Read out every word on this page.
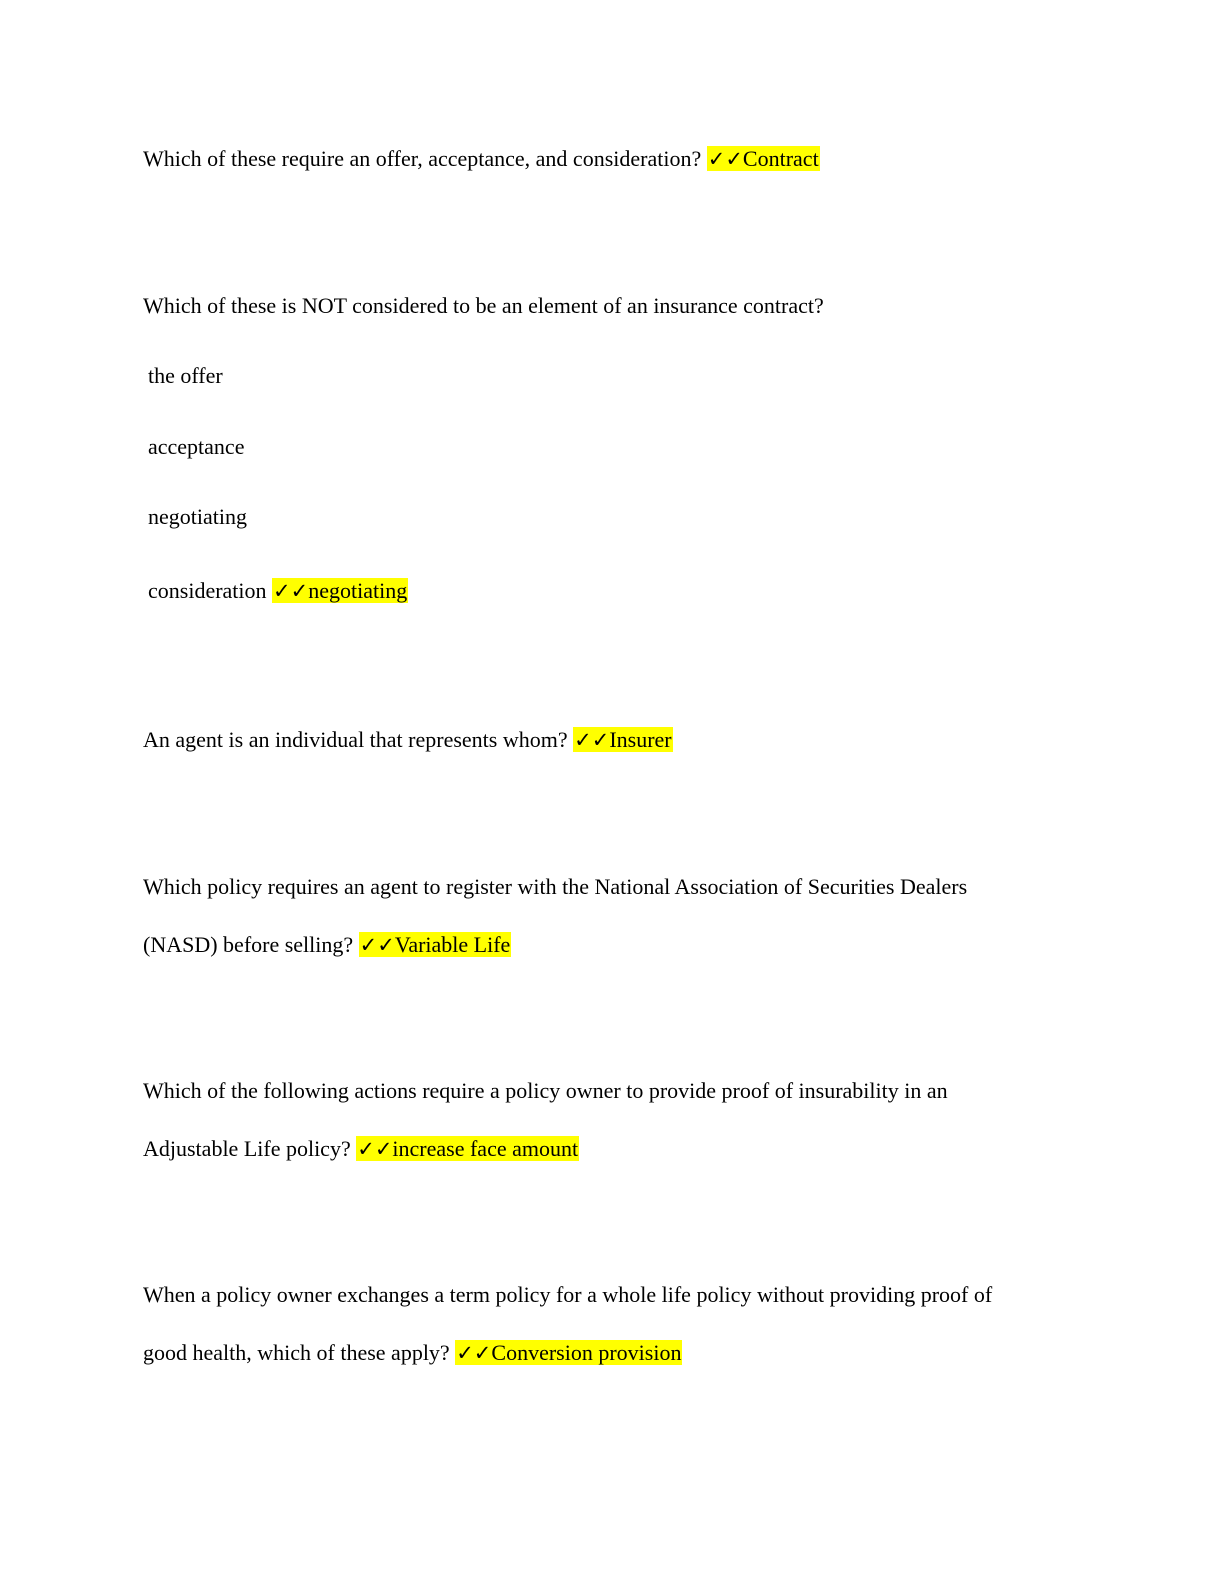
Which of these require an offer, acceptance, and consideration? ✓✓Contract
Which of these is NOT considered to be an element of an insurance contract?
the offer
acceptance
negotiating
consideration ✓✓negotiating
An agent is an individual that represents whom? ✓✓Insurer
Which policy requires an agent to register with the National Association of Securities Dealers
(NASD) before selling? ✓✓Variable Life
Which of the following actions require a policy owner to provide proof of insurability in an
Adjustable Life policy? ✓✓increase face amount
When a policy owner exchanges a term policy for a whole life policy without providing proof of
good health, which of these apply? ✓✓Conversion provision
